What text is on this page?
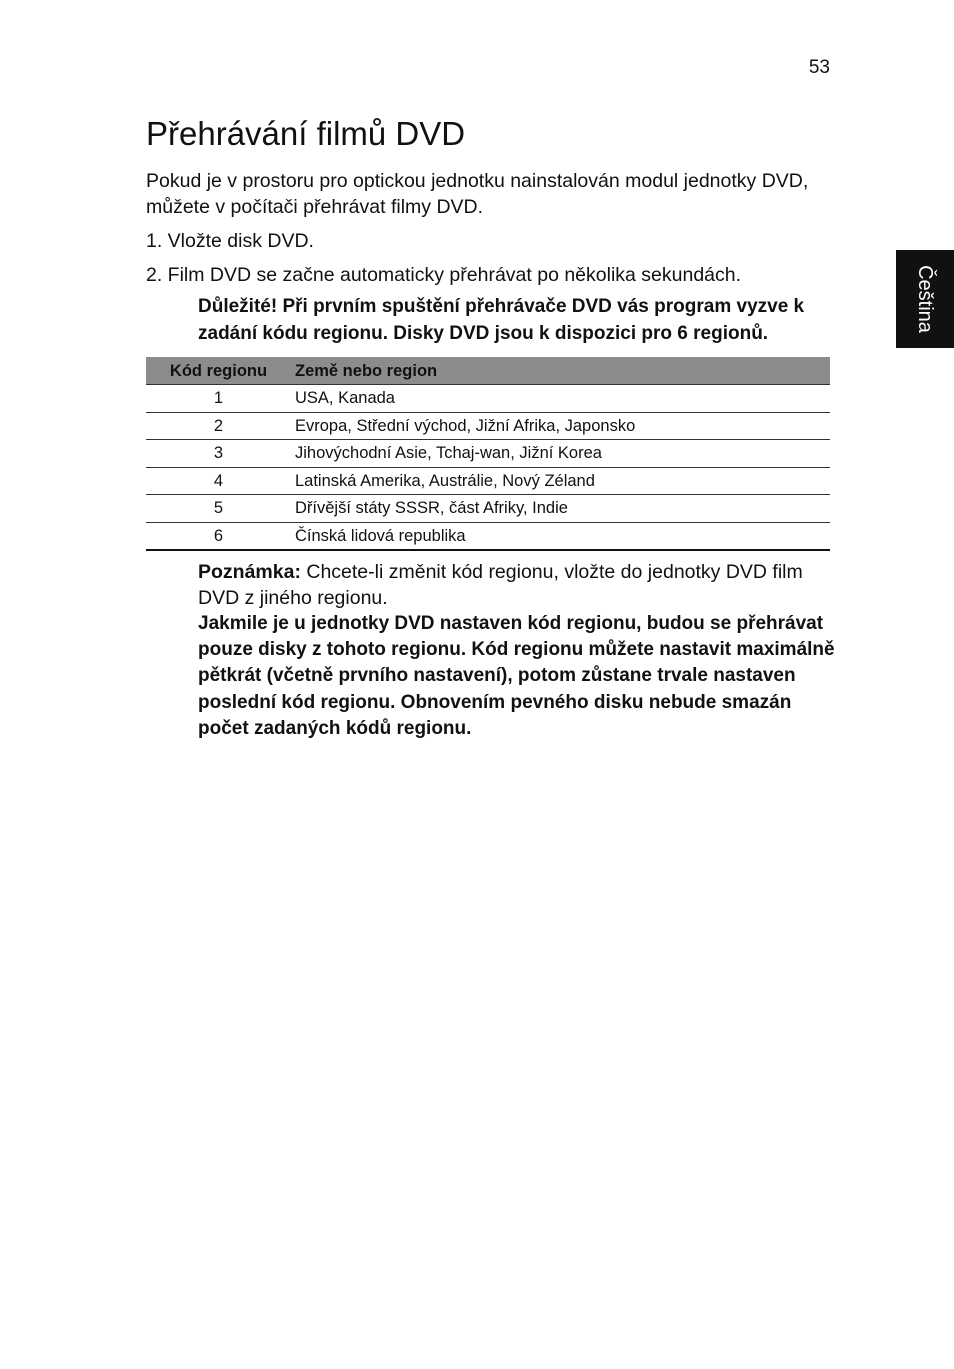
53
Čeština
Přehrávání filmů DVD

Pokud je v prostoru pro optickou jednotku nainstalován modul jednotky DVD, můžete v počítači přehrávat filmy DVD.

1. Vložte disk DVD.

2. Film DVD se začne automaticky přehrávat po několika sekundách.

Důležité! Při prvním spuštění přehrávače DVD vás program vyzve k zadání kódu regionu. Disky DVD jsou k dispozici pro 6 regionů.

Kód regionu	Země nebo region
1	USA, Kanada
2	Evropa, Střední východ, Jižní Afrika, Japonsko
3	Jihovýchodní Asie, Tchaj-wan, Jižní Korea
4	Latinská Amerika, Austrálie, Nový Zéland
5	Dřívější státy SSSR, část Afriky, Indie
6	Čínská lidová republika

Poznámka: Chcete-li změnit kód regionu, vložte do jednotky DVD film DVD z jiného regionu.

Jakmile je u jednotky DVD nastaven kód regionu, budou se přehrávat pouze disky z tohoto regionu. Kód regionu můžete nastavit maximálně pětkrát (včetně prvního nastavení), potom zůstane trvale nastaven poslední kód regionu. Obnovením pevného disku nebude smazán počet zadaných kódů regionu.
